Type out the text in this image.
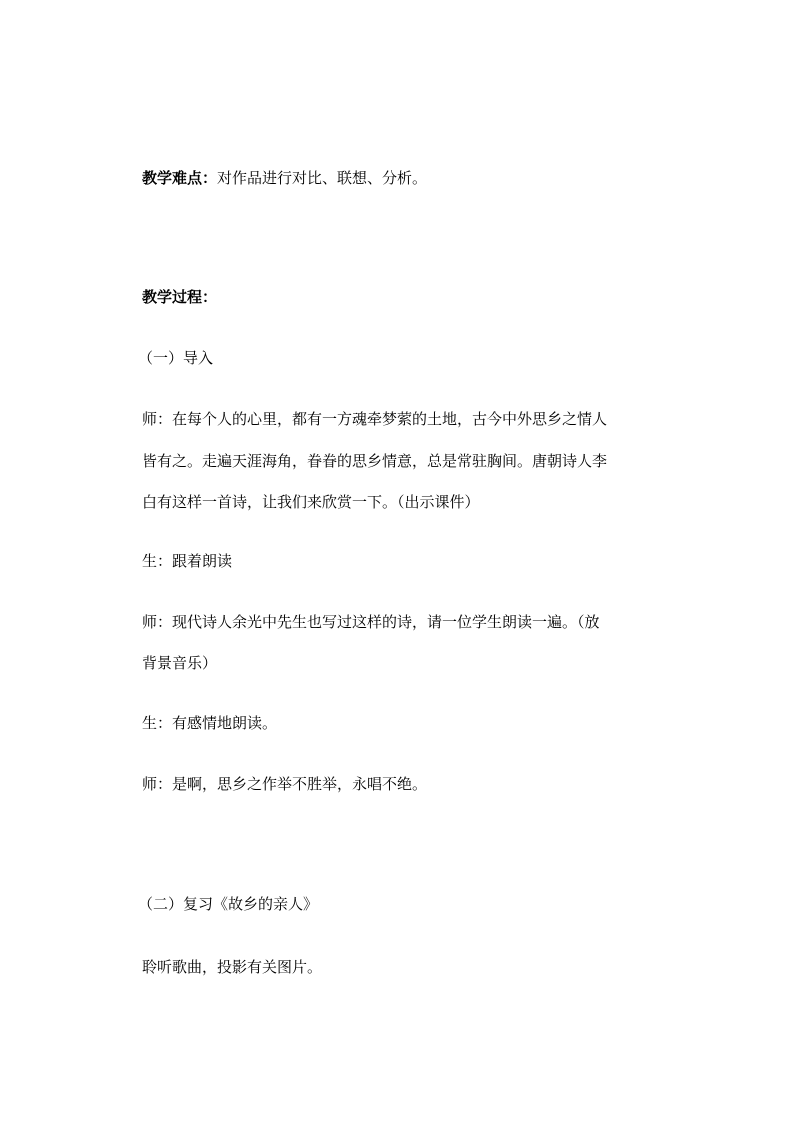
教学难点：对作品进行对比、联想、分析。
教学过程：
（一）导入
师：在每个人的心里，都有一方魂牵梦萦的土地，古今中外思乡之情人
皆有之。走遍天涯海角，眷眷的思乡情意，总是常驻胸间。唐朝诗人李
白有这样一首诗，让我们来欣赏一下。（出示课件）
生：跟着朗读
师：现代诗人余光中先生也写过这样的诗，请一位学生朗读一遍。（放
背景音乐）
生：有感情地朗读。
师：是啊，思乡之作举不胜举，永唱不绝。
（二）复习《故乡的亲人》
聆听歌曲，投影有关图片。
